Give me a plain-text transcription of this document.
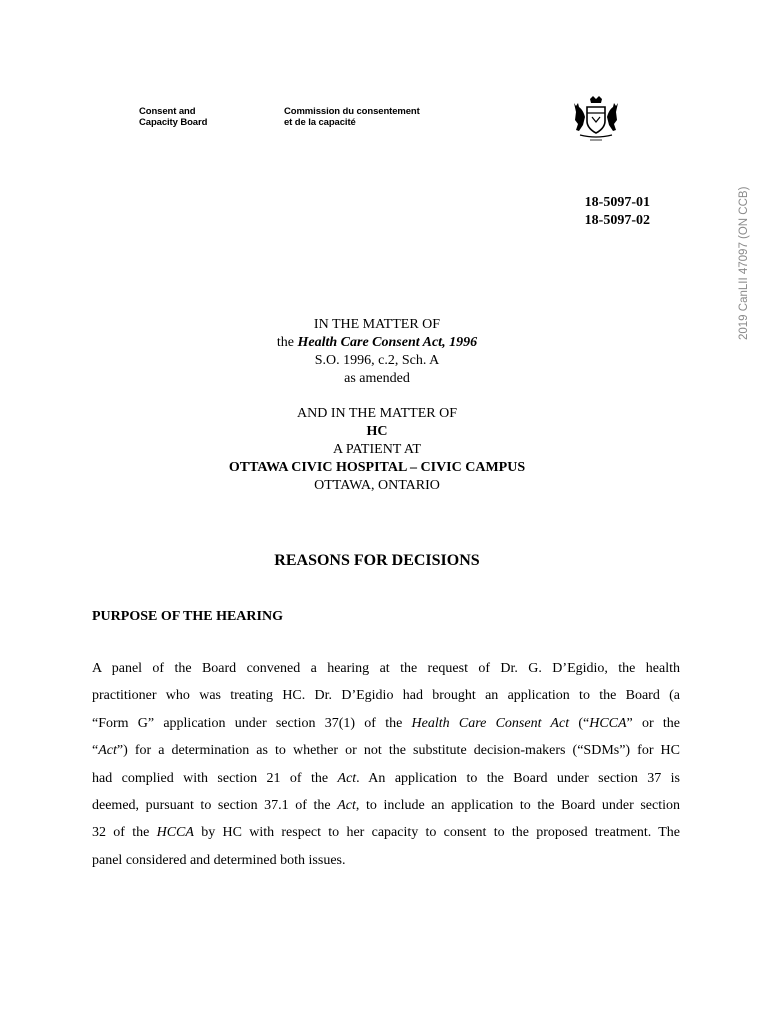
Consent and
Capacity Board
Commission du consentement
et de la capacité
2019 CanLII 47097 (ON CCB)
18-5097-01
18-5097-02
IN THE MATTER OF
the Health Care Consent Act, 1996
S.O. 1996, c.2, Sch. A
as amended
AND IN THE MATTER OF
HC
A PATIENT AT
OTTAWA CIVIC HOSPITAL – CIVIC CAMPUS
OTTAWA, ONTARIO
REASONS FOR DECISIONS
PURPOSE OF THE HEARING
A panel of the Board convened a hearing at the request of Dr. G. D’Egidio, the health
practitioner who was treating HC. Dr. D’Egidio had brought an application to the Board (a
“Form G” application under section 37(1) of the Health Care Consent Act (“HCCA” or the
“Act”) for a determination as to whether or not the substitute decision-makers (“SDMs”) for HC
had complied with section 21 of the Act. An application to the Board under section 37 is
deemed, pursuant to section 37.1 of the Act, to include an application to the Board under section
32 of the HCCA by HC with respect to her capacity to consent to the proposed treatment. The
panel considered and determined both issues.
